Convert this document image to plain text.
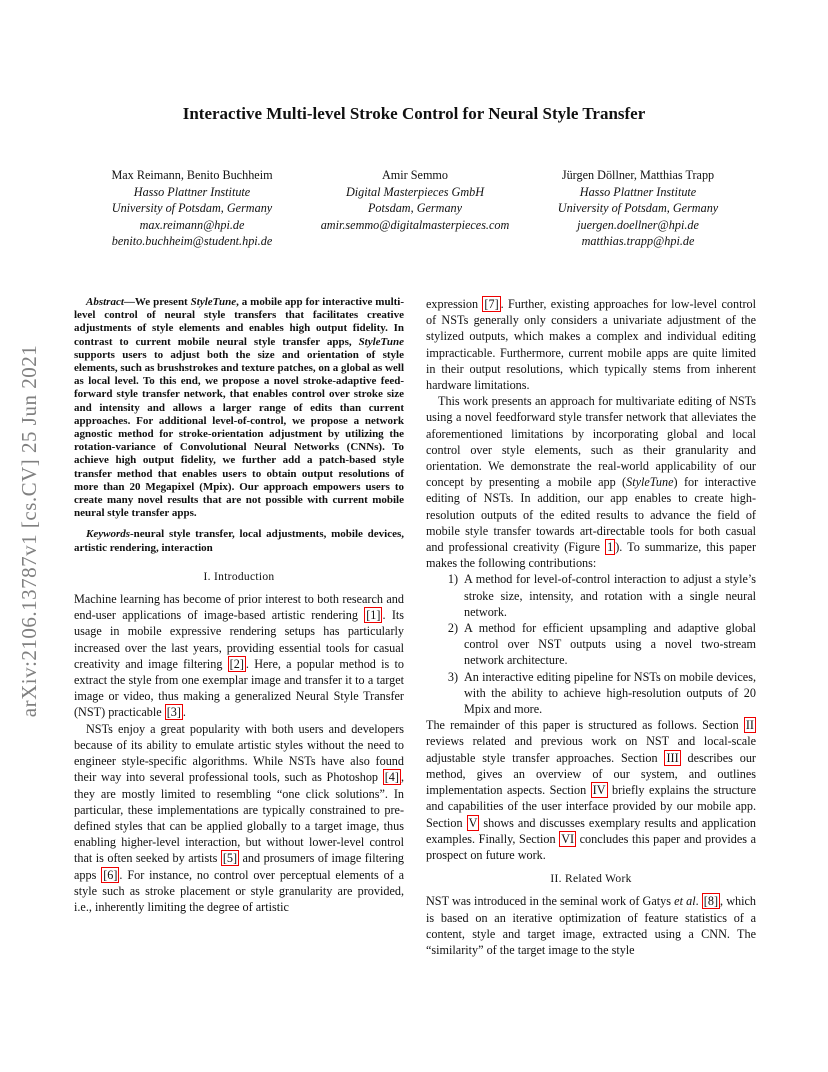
Interactive Multi-level Stroke Control for Neural Style Transfer
Max Reimann, Benito Buchheim
Hasso Plattner Institute
University of Potsdam, Germany
max.reimann@hpi.de
benito.buchheim@student.hpi.de
Amir Semmo
Digital Masterpieces GmbH
Potsdam, Germany
amir.semmo@digitalmasterpieces.com
Jürgen Döllner, Matthias Trapp
Hasso Plattner Institute
University of Potsdam, Germany
juergen.doellner@hpi.de
matthias.trapp@hpi.de
arXiv:2106.13787v1 [cs.CV] 25 Jun 2021

Abstract—We present StyleTune, a mobile app for interactive multi-level control of neural style transfers that facilitates creative adjustments of style elements and enables high output fidelity. In contrast to current mobile neural style transfer apps, StyleTune supports users to adjust both the size and orientation of style elements, such as brushstrokes and texture patches, on a global as well as local level. To this end, we propose a novel stroke-adaptive feed-forward style transfer network, that enables control over stroke size and intensity and allows a larger range of edits than current approaches. For additional level-of-control, we propose a network agnostic method for stroke-orientation adjustment by utilizing the rotation-variance of Convolutional Neural Networks (CNNs). To achieve high output fidelity, we further add a patch-based style transfer method that enables users to obtain output resolutions of more than 20 Megapixel (Mpix). Our approach empowers users to create many novel results that are not possible with current mobile neural style transfer apps.

Keywords-neural style transfer, local adjustments, mobile devices, artistic rendering, interaction

I. Introduction

Machine learning has become of prior interest to both research and end-user applications of image-based artistic rendering [1] . Its usage in mobile expressive rendering setups has particularly increased over the last years, providing essential tools for casual creativity and image filtering [2] . Here, a popular method is to extract the style from one exemplar image and transfer it to a target image or video, thus making a generalized Neural Style Transfer (NST) practicable [3] .

NSTs enjoy a great popularity with both users and developers because of its ability to emulate artistic styles without the need to engineer style-specific algorithms. While NSTs have also found their way into several professional tools, such as Photoshop [4] , they are mostly limited to resembling “one click solutions”. In particular, these implementations are typically constrained to pre-defined styles that can be applied globally to a target image, thus enabling higher-level interaction, but without lower-level control that is often seeked by artists [5] and prosumers of image filtering apps [6] . For instance, no control over perceptual elements of a style such as stroke placement or style granularity are provided, i.e., inherently limiting the degree of artistic

expression [7] . Further, existing approaches for low-level control of NSTs generally only considers a univariate adjustment of the stylized outputs, which makes a complex and individual editing impracticable. Furthermore, current mobile apps are quite limited in their output resolutions, which typically stems from inherent hardware limitations.

This work presents an approach for multivariate editing of NSTs using a novel feedforward style transfer network that alleviates the aforementioned limitations by incorporating global and local control over style elements, such as their granularity and orientation. We demonstrate the real-world applicability of our concept by presenting a mobile app (StyleTune) for interactive editing of NSTs. In addition, our app enables to create high-resolution outputs of the edited results to advance the field of mobile style transfer towards art-directable tools for both casual and professional creativity (Figure 1 ). To summarize, this paper makes the following contributions:

1) A method for level-of-control interaction to adjust a style’s stroke size, intensity, and rotation with a single neural network.
2) A method for efficient upsampling and adaptive global control over NST outputs using a novel two-stream network architecture.
3) An interactive editing pipeline for NSTs on mobile devices, with the ability to achieve high-resolution outputs of 20 Mpix and more.

The remainder of this paper is structured as follows. Section II reviews related and previous work on NST and local-scale adjustable style transfer approaches. Section III describes our method, gives an overview of our system, and outlines implementation aspects. Section IV briefly explains the structure and capabilities of the user interface provided by our mobile app. Section V shows and discusses exemplary results and application examples. Finally, Section VI concludes this paper and provides a prospect on future work.

II. Related Work

NST was introduced in the seminal work of Gatys et al. [8] , which is based on an iterative optimization of feature statistics of a content, style and target image, extracted using a CNN. The “similarity” of the target image to the style
